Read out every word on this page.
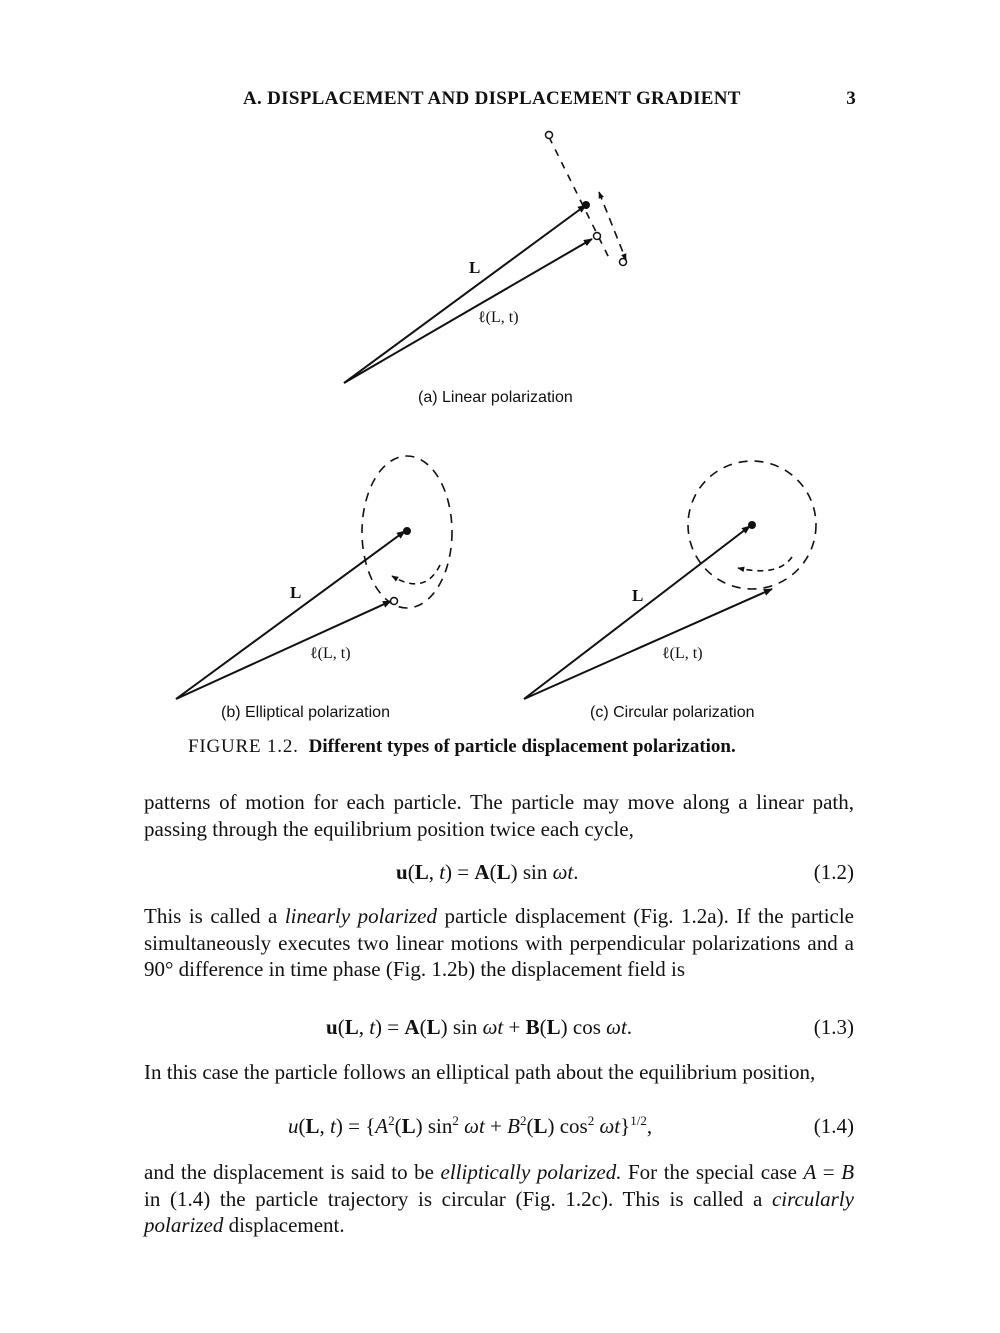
A. DISPLACEMENT AND DISPLACEMENT GRADIENT	3
L
ℓ(L, t)
(a) Linear polarization
L
ℓ(L, t)
(b) Elliptical polarization
L
ℓ(L, t)
(c) Circular polarization
FIGURE 1.2. Different types of particle displacement polarization.
patterns of motion for each particle. The particle may move along a linear path, passing through the equilibrium position twice each cycle,
u(L, t) = A(L) sin ωt.	(1.2)
This is called a linearly polarized particle displacement (Fig. 1.2a). If the particle simultaneously executes two linear motions with perpendicular polarizations and a 90° difference in time phase (Fig. 1.2b) the displacement field is
u(L, t) = A(L) sin ωt + B(L) cos ωt.	(1.3)
In this case the particle follows an elliptical path about the equilibrium position,
u(L, $t) = \{A^2(L)$ $\sin^2 \omega t + B^2(L)$ $\cos^2 \omega t\}^{1/2}$,	(1.4)
and the displacement is said to be elliptically polarized. For the special case A = B in (1.4) the particle trajectory is circular (Fig. 1.2c). This is called a circularly polarized displacement.
